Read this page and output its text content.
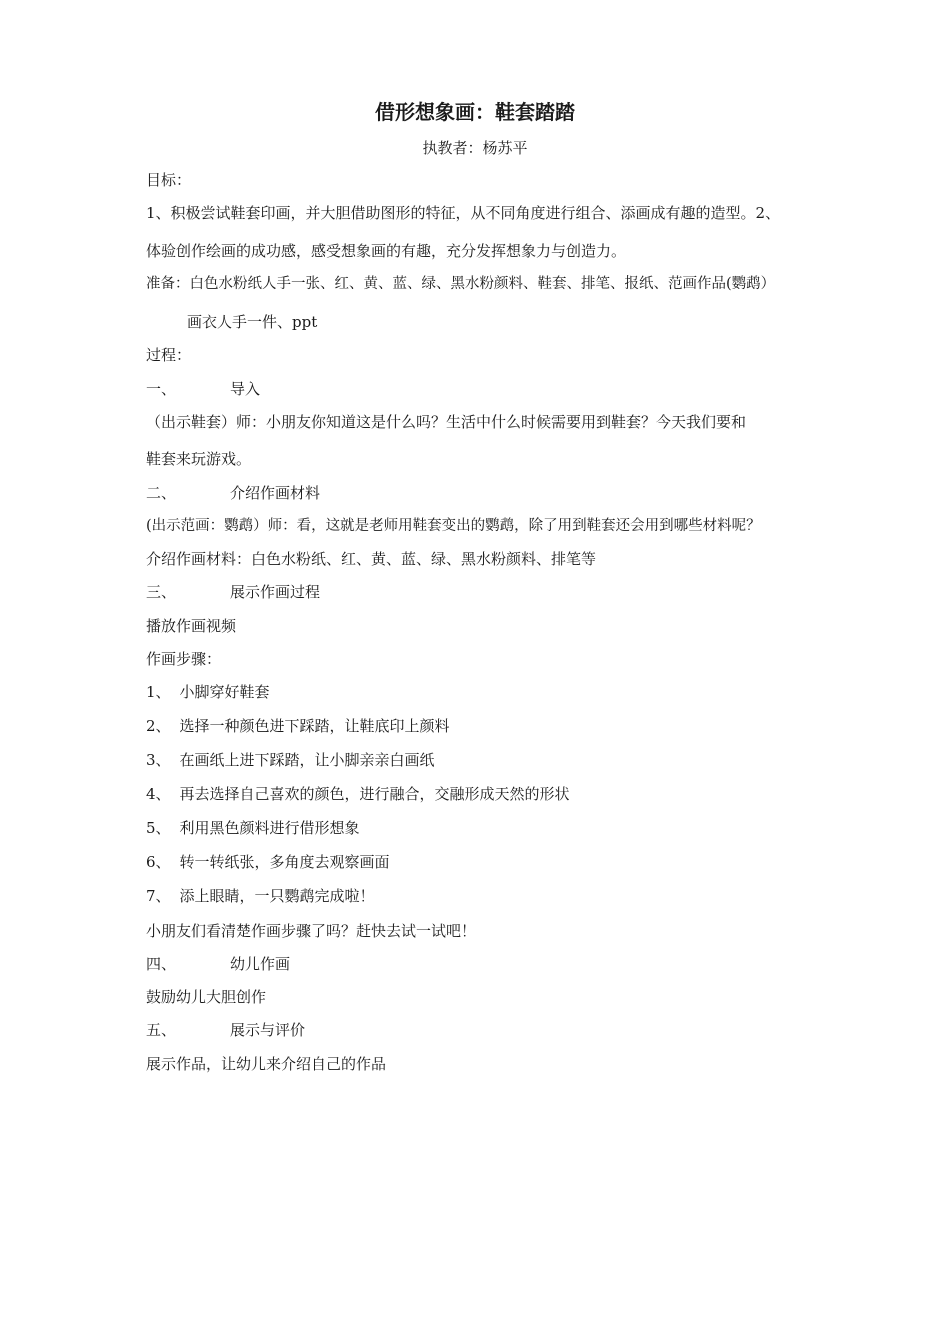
借形想象画：鞋套踏踏
执教者：杨苏平
目标：
1、积极尝试鞋套印画，并大胆借助图形的特征，从不同角度进行组合、添画成有趣的造型。2、
体验创作绘画的成功感，感受想象画的有趣，充分发挥想象力与创造力。
准备：白色水粉纸人手一张、红、黄、蓝、绿、黑水粉颜料、鞋套、排笔、报纸、范画作品(鹦鹉）
画衣人手一件、ppt
过程：
一、	导入
（出示鞋套）师：小朋友你知道这是什么吗？生活中什么时候需要用到鞋套？今天我们要和
鞋套来玩游戏。
二、	介绍作画材料
(出示范画：鹦鹉）师：看，这就是老师用鞋套变出的鹦鹉，除了用到鞋套还会用到哪些材料呢？
介绍作画材料：白色水粉纸、红、黄、蓝、绿、黑水粉颜料、排笔等
三、	展示作画过程
播放作画视频
作画步骤：
1、 小脚穿好鞋套
2、 选择一种颜色进下踩踏，让鞋底印上颜料
3、 在画纸上进下踩踏，让小脚亲亲白画纸
4、 再去选择自己喜欢的颜色，进行融合，交融形成天然的形状
5、 利用黑色颜料进行借形想象
6、 转一转纸张，多角度去观察画面
7、 添上眼睛，一只鹦鹉完成啦！
小朋友们看清楚作画步骤了吗？赶快去试一试吧！
四、	幼儿作画
鼓励幼儿大胆创作
五、	展示与评价
展示作品，让幼儿来介绍自己的作品
